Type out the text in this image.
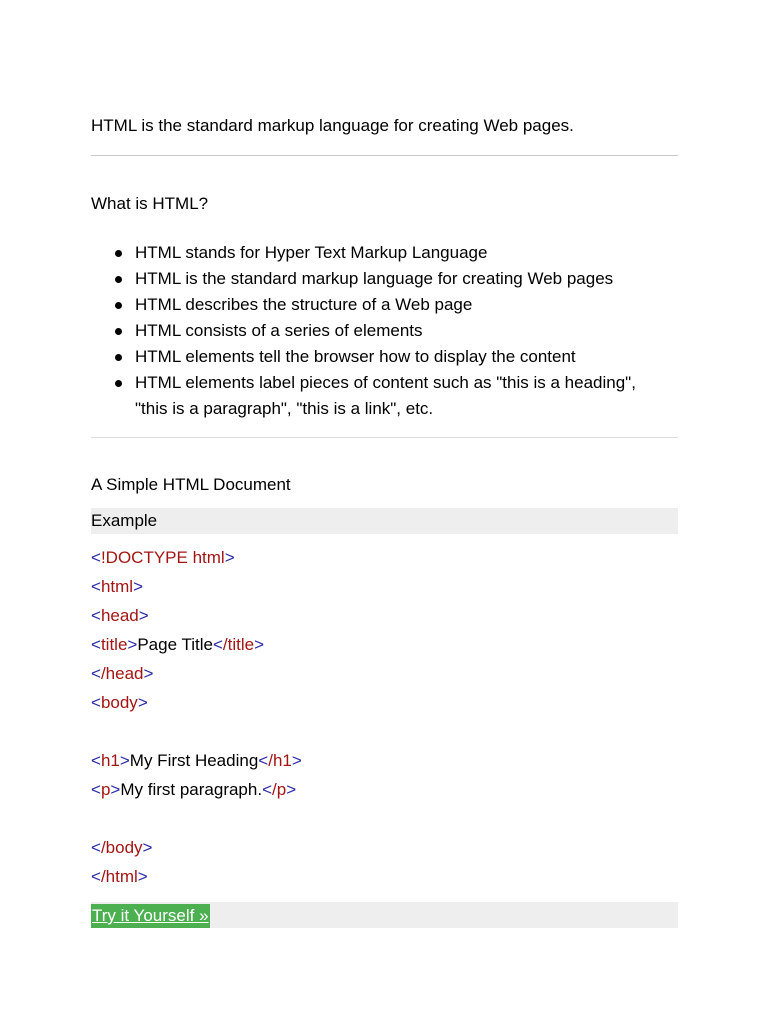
HTML is the standard markup language for creating Web pages.
What is HTML?
HTML stands for Hyper Text Markup Language
HTML is the standard markup language for creating Web pages
HTML describes the structure of a Web page
HTML consists of a series of elements
HTML elements tell the browser how to display the content
HTML elements label pieces of content such as "this is a heading",
"this is a paragraph", "this is a link", etc.
A Simple HTML Document
Example
<!DOCTYPE html>
<html>
<head>
<title>Page Title</title>
</head>
<body>
<h1>My First Heading</h1>
<p>My first paragraph.</p>
</body>
</html>
Try it Yourself »
